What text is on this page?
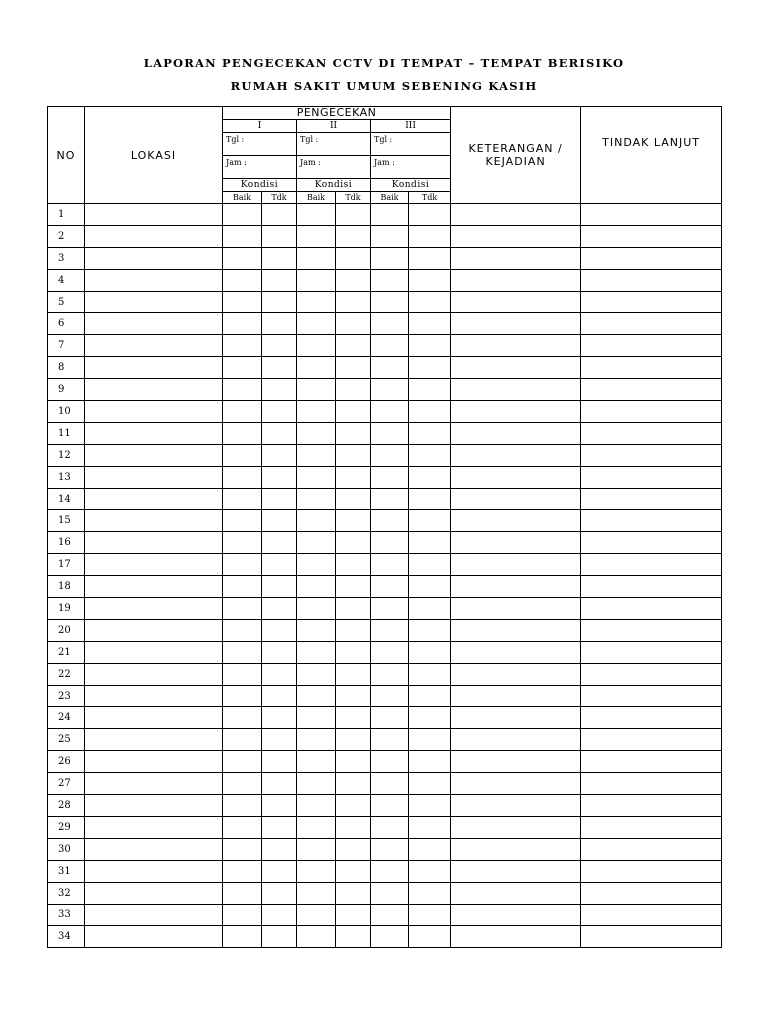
LAPORAN PENGECEKAN CCTV DI TEMPAT – TEMPAT BERISIKO
RUMAH SAKIT UMUM SEBENING KASIH
NO	LOKASI	PENGECEKAN						KETERANGAN / KEJADIAN	TINDAK LANJUT
		I		II		III			
		Tgl :		Tgl :		Tgl :			
		Jam :		Jam :		Jam :			
		Kondisi		Kondisi		Kondisi			
		Baik	Tdk	Baik	Tdk	Baik	Tdk		
1									
2									
3									
4									
5									
6									
7									
8									
9									
10									
11									
12									
13									
14									
15									
16									
17									
18									
19									
20									
21									
22									
23									
24									
25									
26									
27									
28									
29									
30									
31									
32									
33									
34									
